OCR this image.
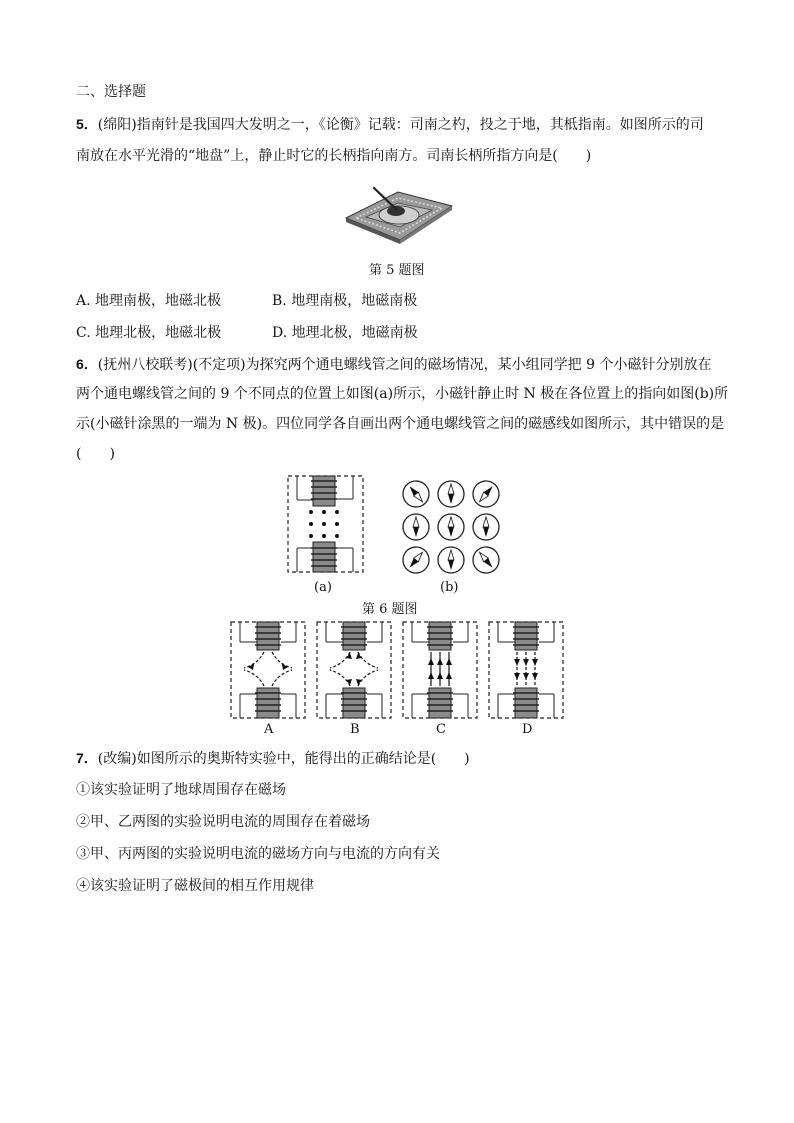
二、选择题
5．(绵阳)指南针是我国四大发明之一，《论衡》记载：司南之杓，投之于地，其柢指南。如图所示的司
南放在水平光滑的“地盘”上，静止时它的长柄指向南方。司南长柄所指方向是(　　)
第 5 题图
A. 地理南极，地磁北极	B. 地理南极，地磁南极
C. 地理北极，地磁北极	D. 地理北极，地磁南极
6．(抚州八校联考)(不定项)为探究两个通电螺线管之间的磁场情况，某小组同学把 9 个小磁针分别放在
两个通电螺线管之间的 9 个不同点的位置上如图(a)所示，小磁针静止时 N 极在各位置上的指向如图(b)所
示(小磁针涂黑的一端为 N 极)。四位同学各自画出两个通电螺线管之间的磁感线如图所示，其中错误的是
(　　)
(a)	(b)
第 6 题图
A	B	C	D
7．(改编)如图所示的奥斯特实验中，能得出的正确结论是(　　)
①该实验证明了地球周围存在磁场
②甲、乙两图的实验说明电流的周围存在着磁场
③甲、丙两图的实验说明电流的磁场方向与电流的方向有关
④该实验证明了磁极间的相互作用规律
